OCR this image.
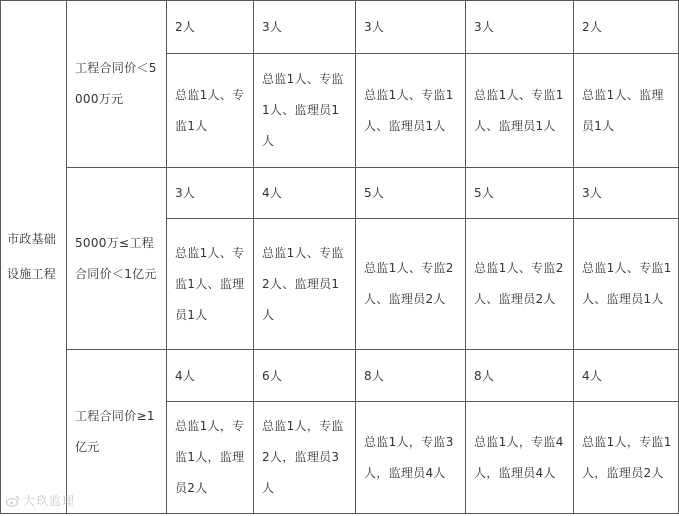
市政基础设施工程	工程合同价＜5000万元	2人	3人	3人	3人	2人
		总监1人、专监1人	总监1人、专监1人、监理员1人	总监1人、专监1人、监理员1人	总监1人、专监1人、监理员1人	总监1人、监理员1人
	5000万≤工程合同价＜1亿元	3人	4人	5人	5人	3人
		总监1人、专监1人、监理员1人	总监1人、专监2人、监理员1人	总监1人、专监2人、监理员2人	总监1人、专监2人、监理员2人	总监1人、专监1人、监理员1人
	工程合同价≥1亿元	4人	6人	8人	8人	4人
		总监1人，专监1人，监理员2人	总监1人，专监2人，监理员3人	总监1人，专监3人，监理员4人	总监1人，专监4人，监理员4人	总监1人，专监1人，监理员2人
大玖监理
